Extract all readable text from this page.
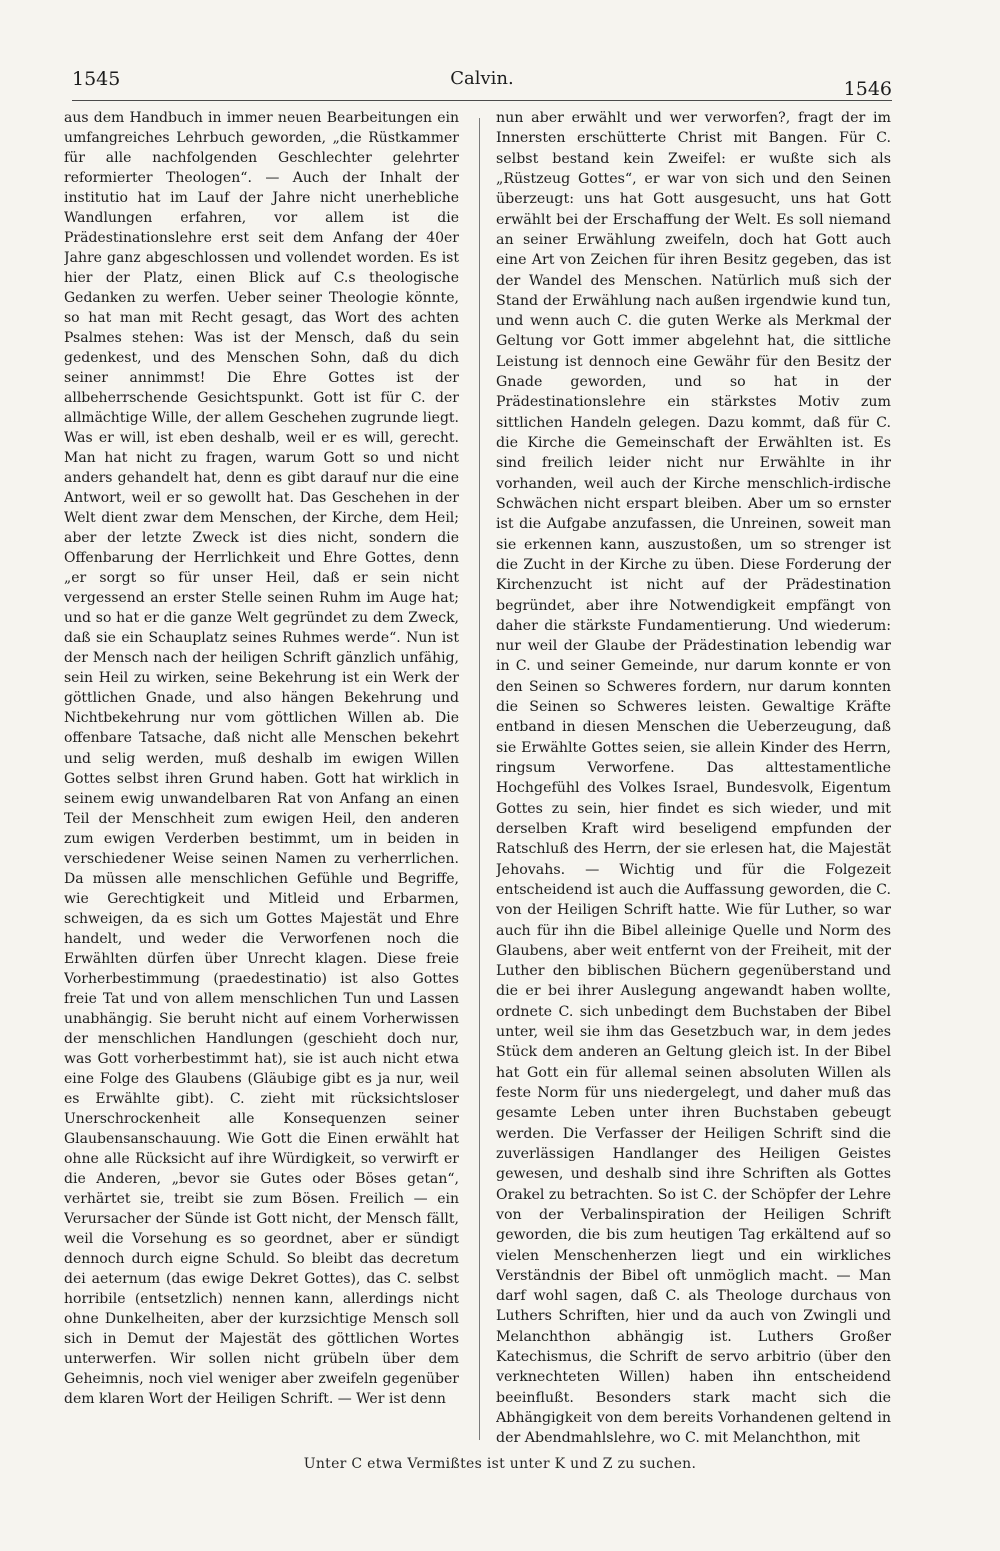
1545	Calvin.	1546

aus dem Handbuch in immer neuen Bearbeitungen ein umfangreiches Lehrbuch geworden, „die Rüstkammer für alle nachfolgenden Geschlechter gelehrter reformierter Theologen“. — Auch der Inhalt der institutio hat im Lauf der Jahre nicht unerhebliche Wandlungen erfahren, vor allem ist die Prädestinationslehre erst seit dem Anfang der 40er Jahre ganz abgeschlossen und vollendet worden. Es ist hier der Platz, einen Blick auf C.s theologische Gedanken zu werfen. Ueber seiner Theologie könnte, so hat man mit Recht gesagt, das Wort des achten Psalmes stehen: Was ist der Mensch, daß du sein gedenkest, und des Menschen Sohn, daß du dich seiner annimmst! Die Ehre Gottes ist der allbeherrschende Gesichtspunkt. Gott ist für C. der allmächtige Wille, der allem Geschehen zugrunde liegt. Was er will, ist eben deshalb, weil er es will, gerecht. Man hat nicht zu fragen, warum Gott so und nicht anders gehandelt hat, denn es gibt darauf nur die eine Antwort, weil er so gewollt hat. Das Geschehen in der Welt dient zwar dem Menschen, der Kirche, dem Heil; aber der letzte Zweck ist dies nicht, sondern die Offenbarung der Herrlichkeit und Ehre Gottes, denn „er sorgt so für unser Heil, daß er sein nicht vergessend an erster Stelle seinen Ruhm im Auge hat; und so hat er die ganze Welt gegründet zu dem Zweck, daß sie ein Schauplatz seines Ruhmes werde“. Nun ist der Mensch nach der heiligen Schrift gänzlich unfähig, sein Heil zu wirken, seine Bekehrung ist ein Werk der göttlichen Gnade, und also hängen Bekehrung und Nichtbekehrung nur vom göttlichen Willen ab. Die offenbare Tatsache, daß nicht alle Menschen bekehrt und selig werden, muß deshalb im ewigen Willen Gottes selbst ihren Grund haben. Gott hat wirklich in seinem ewig unwandelbaren Rat von Anfang an einen Teil der Menschheit zum ewigen Heil, den anderen zum ewigen Verderben bestimmt, um in beiden in verschiedener Weise seinen Namen zu verherrlichen. Da müssen alle menschlichen Gefühle und Begriffe, wie Gerechtigkeit und Mitleid und Erbarmen, schweigen, da es sich um Gottes Majestät und Ehre handelt, und weder die Verworfenen noch die Erwählten dürfen über Unrecht klagen. Diese freie Vorherbestimmung (praedestinatio) ist also Gottes freie Tat und von allem menschlichen Tun und Lassen unabhängig. Sie beruht nicht auf einem Vorherwissen der menschlichen Handlungen (geschieht doch nur, was Gott vorherbestimmt hat), sie ist auch nicht etwa eine Folge des Glaubens (Gläubige gibt es ja nur, weil es Erwählte gibt). C. zieht mit rücksichtsloser Unerschrockenheit alle Konsequenzen seiner Glaubensanschauung. Wie Gott die Einen erwählt hat ohne alle Rücksicht auf ihre Würdigkeit, so verwirft er die Anderen, „bevor sie Gutes oder Böses getan“, verhärtet sie, treibt sie zum Bösen. Freilich — ein Verursacher der Sünde ist Gott nicht, der Mensch fällt, weil die Vorsehung es so geordnet, aber er sündigt dennoch durch eigne Schuld. So bleibt das decretum dei aeternum (das ewige Dekret Gottes), das C. selbst horribile (entsetzlich) nennen kann, allerdings nicht ohne Dunkelheiten, aber der kurzsichtige Mensch soll sich in Demut der Majestät des göttlichen Wortes unterwerfen. Wir sollen nicht grübeln über dem Geheimnis, noch viel weniger aber zweifeln gegenüber dem klaren Wort der Heiligen Schrift. — Wer ist denn

nun aber erwählt und wer verworfen?, fragt der im Innersten erschütterte Christ mit Bangen. Für C. selbst bestand kein Zweifel: er wußte sich als „Rüstzeug Gottes“, er war von sich und den Seinen überzeugt: uns hat Gott ausgesucht, uns hat Gott erwählt bei der Erschaffung der Welt. Es soll niemand an seiner Erwählung zweifeln, doch hat Gott auch eine Art von Zeichen für ihren Besitz gegeben, das ist der Wandel des Menschen. Natürlich muß sich der Stand der Erwählung nach außen irgendwie kund tun, und wenn auch C. die guten Werke als Merkmal der Geltung vor Gott immer abgelehnt hat, die sittliche Leistung ist dennoch eine Gewähr für den Besitz der Gnade geworden, und so hat in der Prädestinationslehre ein stärkstes Motiv zum sittlichen Handeln gelegen. Dazu kommt, daß für C. die Kirche die Gemeinschaft der Erwählten ist. Es sind freilich leider nicht nur Erwählte in ihr vorhanden, weil auch der Kirche menschlich-irdische Schwächen nicht erspart bleiben. Aber um so ernster ist die Aufgabe anzufassen, die Unreinen, soweit man sie erkennen kann, auszustoßen, um so strenger ist die Zucht in der Kirche zu üben. Diese Forderung der Kirchenzucht ist nicht auf der Prädestination begründet, aber ihre Notwendigkeit empfängt von daher die stärkste Fundamentierung. Und wiederum: nur weil der Glaube der Prädestination lebendig war in C. und seiner Gemeinde, nur darum konnte er von den Seinen so Schweres fordern, nur darum konnten die Seinen so Schweres leisten. Gewaltige Kräfte entband in diesen Menschen die Ueberzeugung, daß sie Erwählte Gottes seien, sie allein Kinder des Herrn, ringsum Verworfene. Das alttestamentliche Hochgefühl des Volkes Israel, Bundesvolk, Eigentum Gottes zu sein, hier findet es sich wieder, und mit derselben Kraft wird beseligend empfunden der Ratschluß des Herrn, der sie erlesen hat, die Majestät Jehovahs. — Wichtig und für die Folgezeit entscheidend ist auch die Auffassung geworden, die C. von der Heiligen Schrift hatte. Wie für Luther, so war auch für ihn die Bibel alleinige Quelle und Norm des Glaubens, aber weit entfernt von der Freiheit, mit der Luther den biblischen Büchern gegenüberstand und die er bei ihrer Auslegung angewandt haben wollte, ordnete C. sich unbedingt dem Buchstaben der Bibel unter, weil sie ihm das Gesetzbuch war, in dem jedes Stück dem anderen an Geltung gleich ist. In der Bibel hat Gott ein für allemal seinen absoluten Willen als feste Norm für uns niedergelegt, und daher muß das gesamte Leben unter ihren Buchstaben gebeugt werden. Die Verfasser der Heiligen Schrift sind die zuverlässigen Handlanger des Heiligen Geistes gewesen, und deshalb sind ihre Schriften als Gottes Orakel zu betrachten. So ist C. der Schöpfer der Lehre von der Verbalinspiration der Heiligen Schrift geworden, die bis zum heutigen Tag erkältend auf so vielen Menschenherzen liegt und ein wirkliches Verständnis der Bibel oft unmöglich macht. — Man darf wohl sagen, daß C. als Theologe durchaus von Luthers Schriften, hier und da auch von Zwingli und Melanchthon abhängig ist. Luthers Großer Katechismus, die Schrift de servo arbitrio (über den verknechteten Willen) haben ihn entscheidend beeinflußt. Besonders stark macht sich die Abhängigkeit von dem bereits Vorhandenen geltend in der Abendmahlslehre, wo C. mit Melanchthon, mit

Unter C etwa Vermißtes ist unter K und Z zu suchen.
